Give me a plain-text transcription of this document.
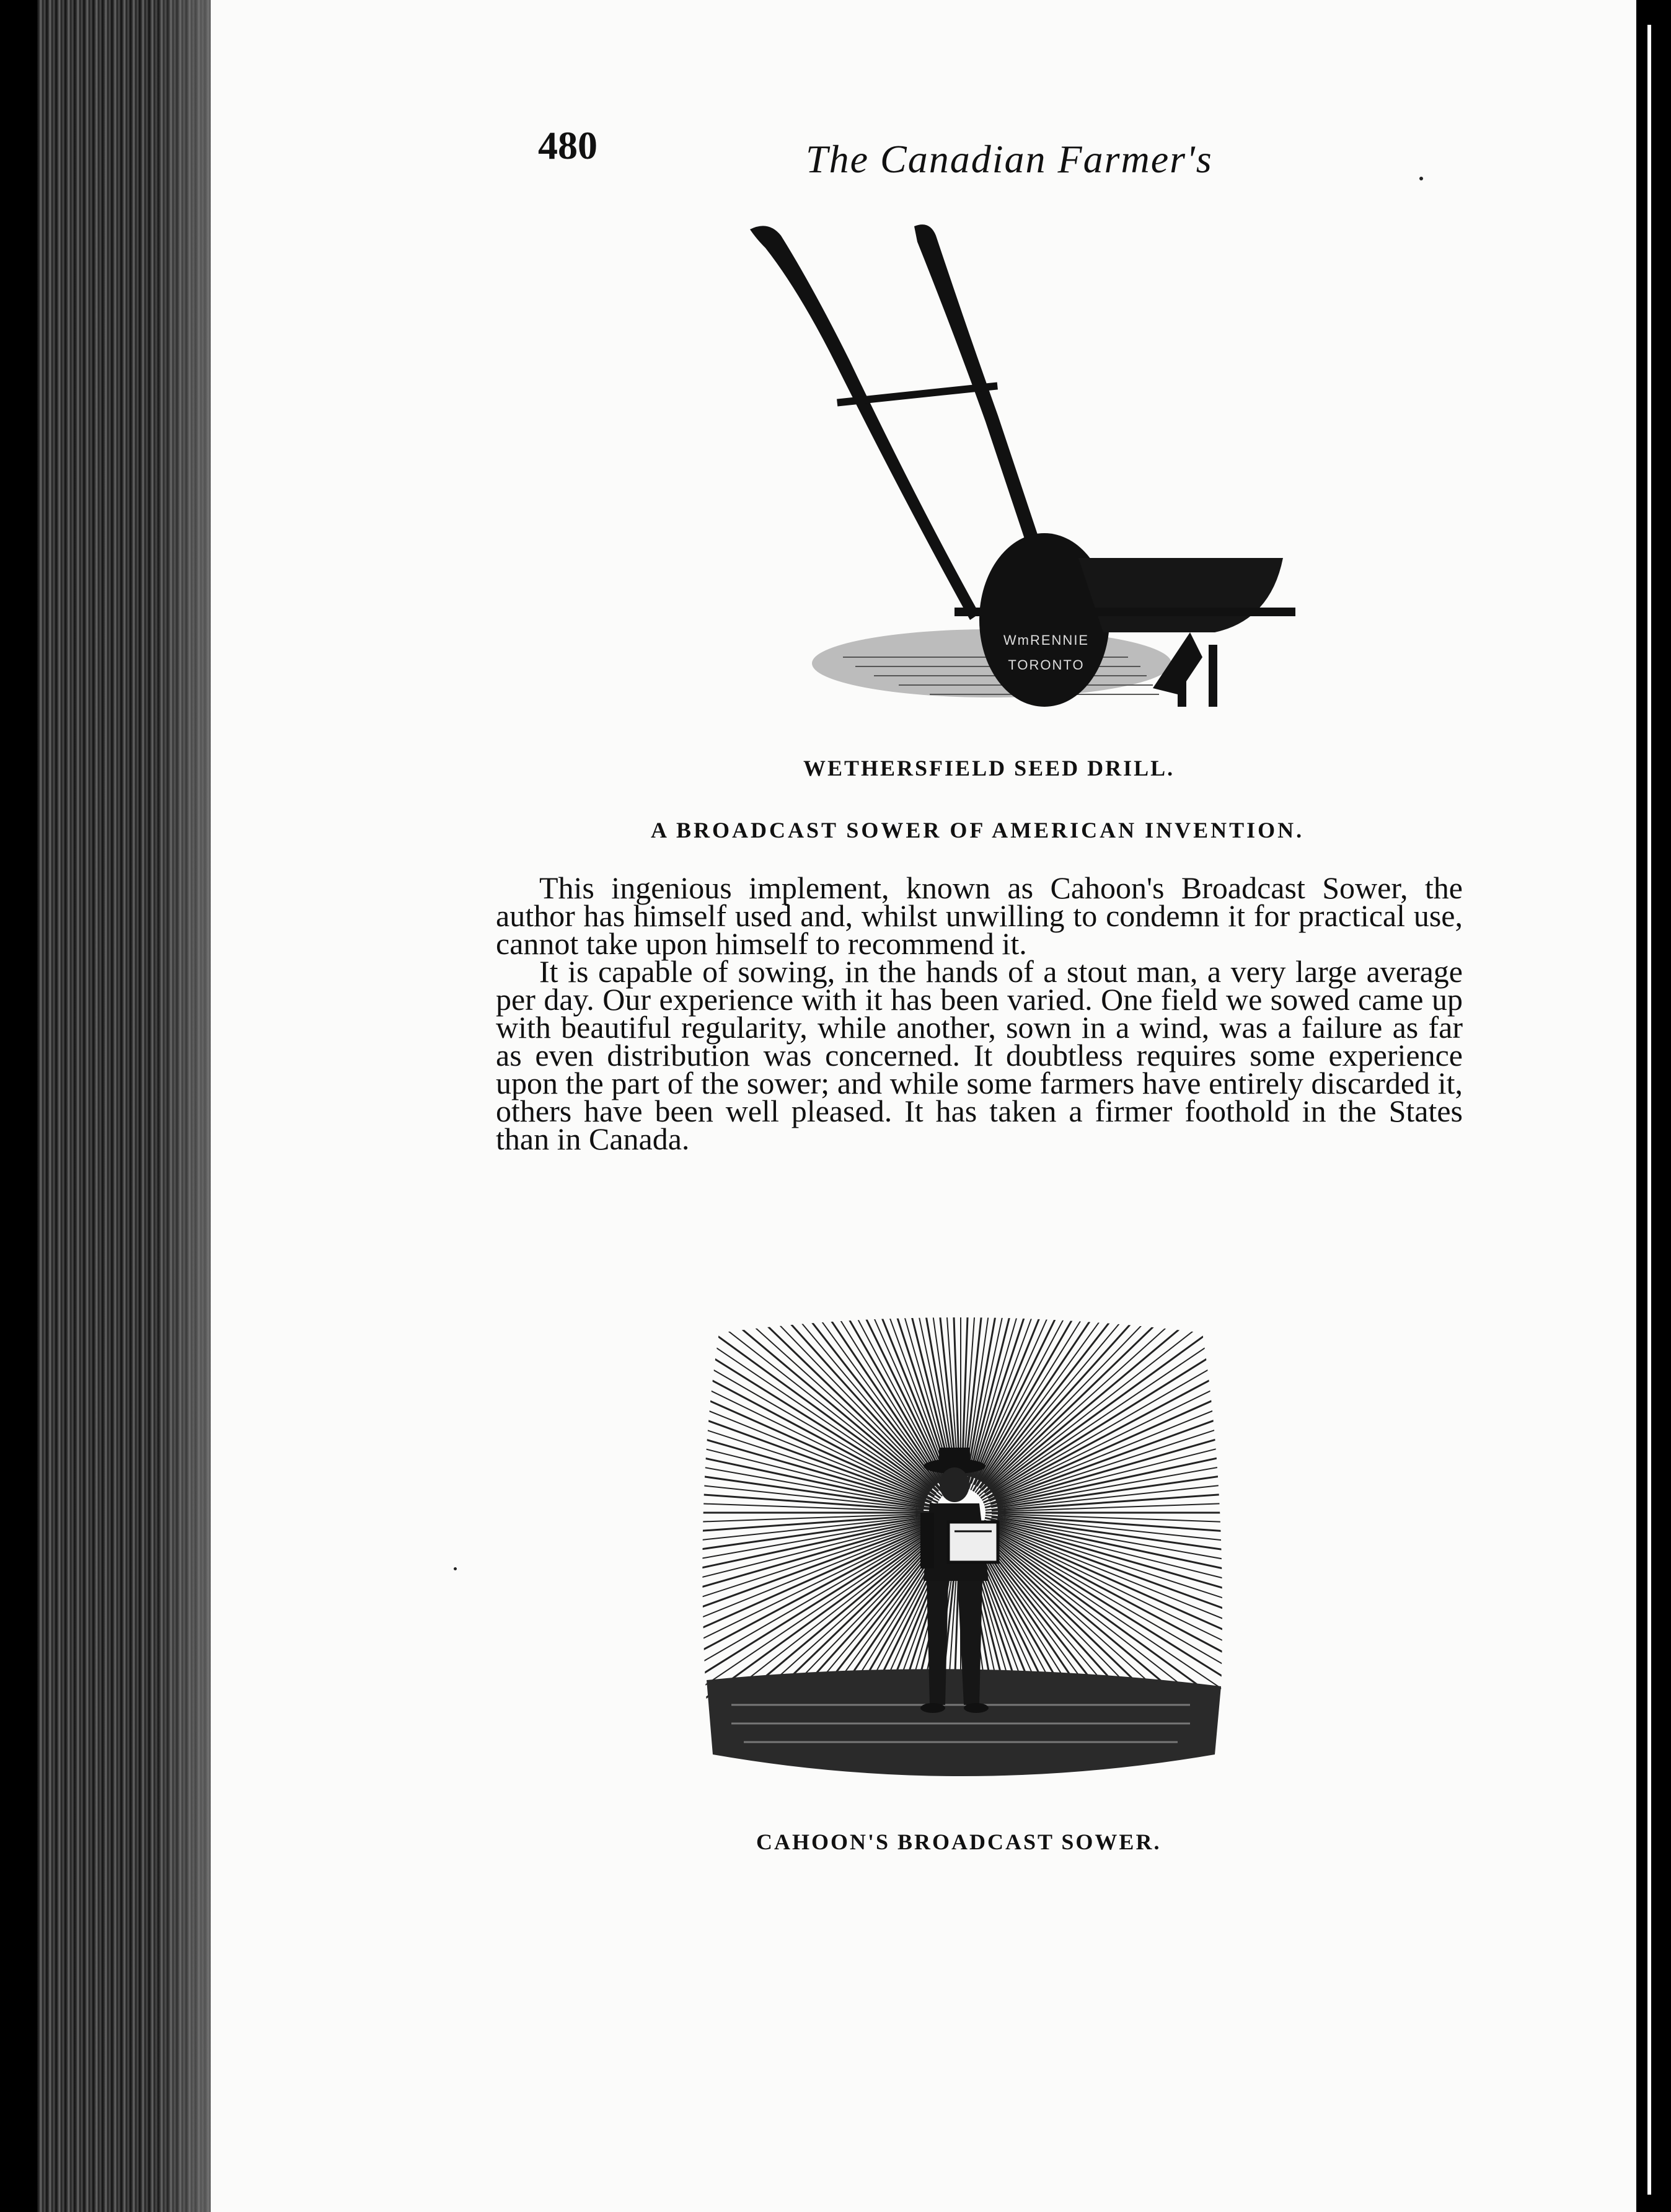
480	The Canadian Farmer's
WmRENNIE
TORONTO
WETHERSFIELD SEED DRILL.
A BROADCAST SOWER OF AMERICAN INVENTION.

This ingenious implement, known as Cahoon's Broadcast Sower, the author has himself used and, whilst unwilling to condemn it for practical use, cannot take upon himself to recommend it.

It is capable of sowing, in the hands of a stout man, a very large average per day. Our experience with it has been varied. One field we sowed came up with beautiful regularity, while another, sown in a wind, was a failure as far as even distribution was concerned. It doubtless requires some experience upon the part of the sower; and while some farmers have entirely discarded it, others have been well pleased. It has taken a firmer foothold in the States than in Canada.

CAHOON'S BROADCAST SOWER.
